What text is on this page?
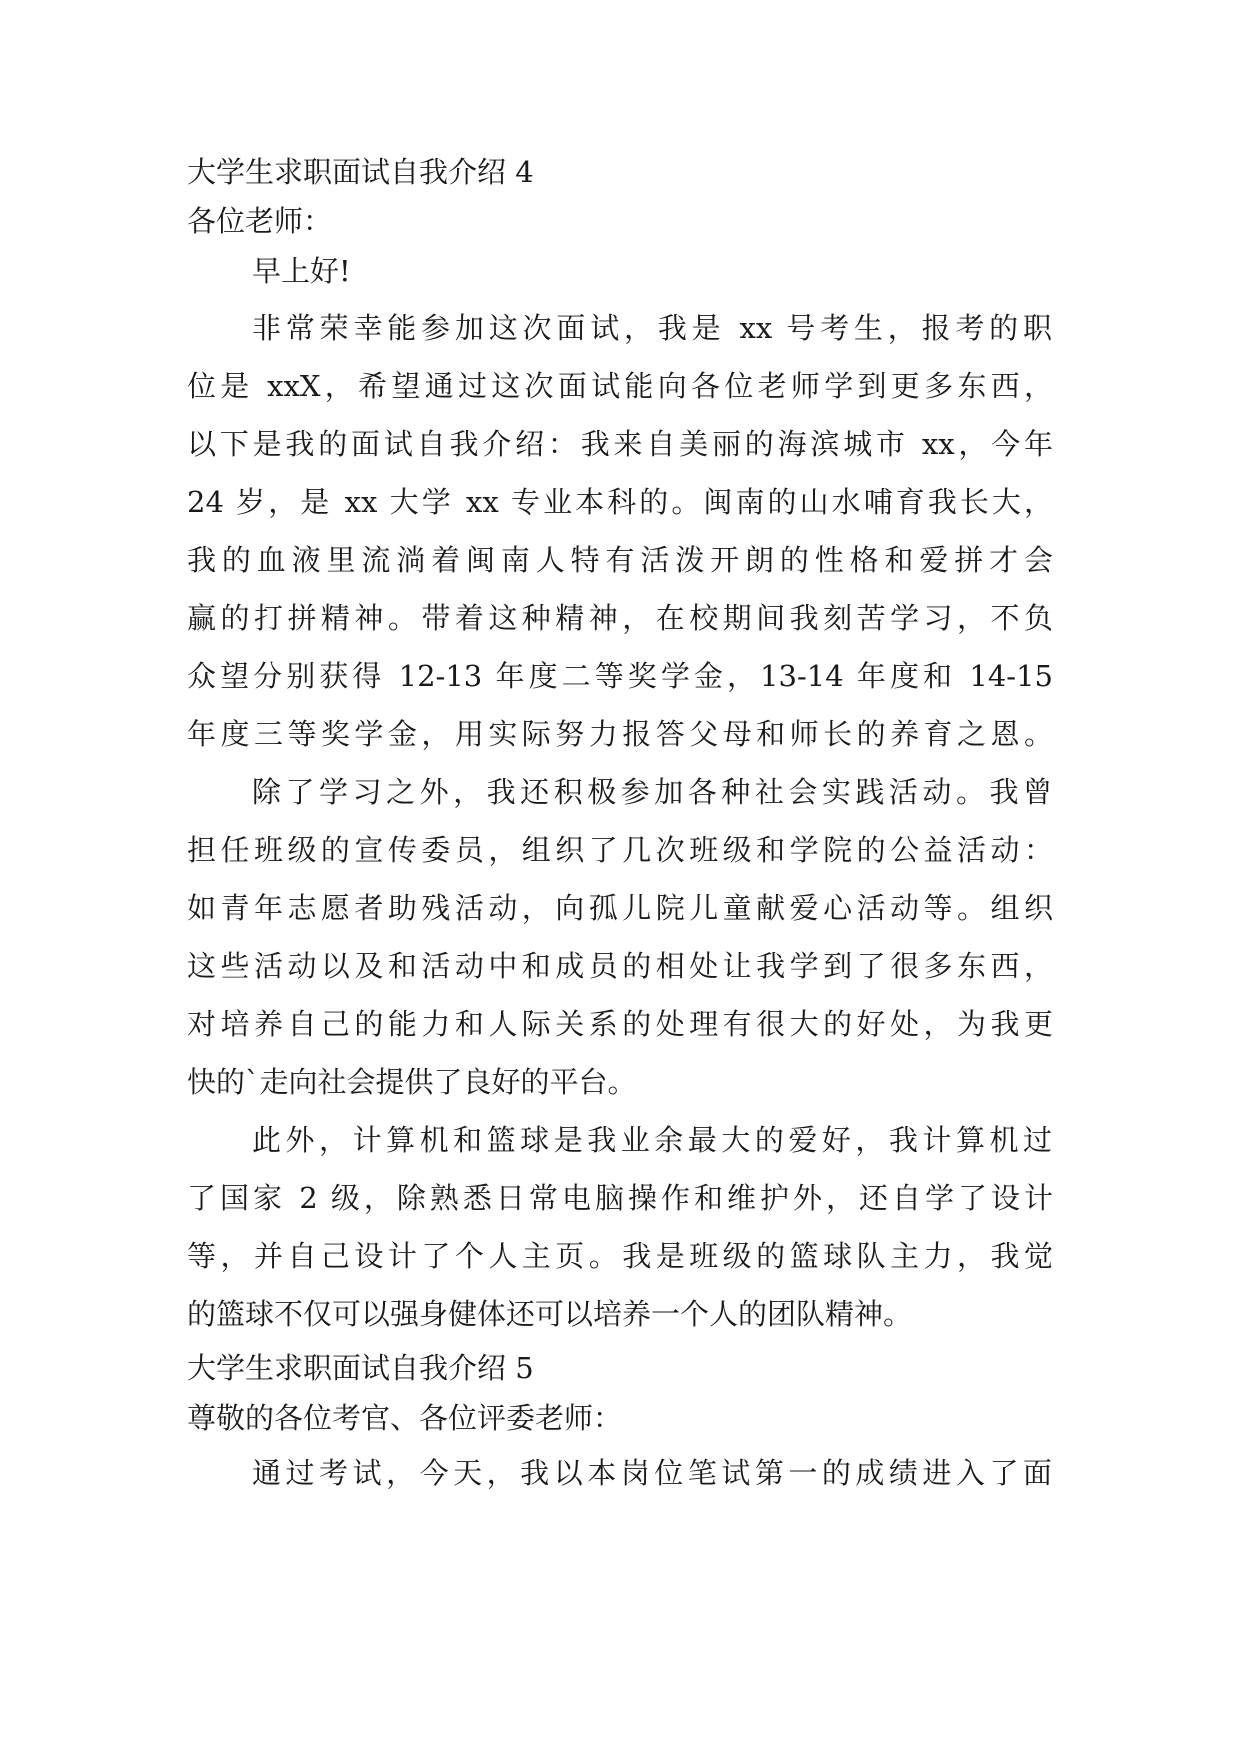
大学生求职面试自我介绍 4
各位老师：
早上好!
非常荣幸能参加这次面试，我是 xx 号考生，报考的职
位是 xxX，希望通过这次面试能向各位老师学到更多东西，
以下是我的面试自我介绍：我来自美丽的海滨城市 xx，今年
24 岁，是 xx 大学 xx 专业本科的。闽南的山水哺育我长大，
我的血液里流淌着闽南人特有活泼开朗的性格和爱拼才会
赢的打拼精神。带着这种精神，在校期间我刻苦学习，不负
众望分别获得 12-13 年度二等奖学金，13-14 年度和 14-15
年度三等奖学金，用实际努力报答父母和师长的养育之恩。
除了学习之外，我还积极参加各种社会实践活动。我曾
担任班级的宣传委员，组织了几次班级和学院的公益活动：
如青年志愿者助残活动，向孤儿院儿童献爱心活动等。组织
这些活动以及和活动中和成员的相处让我学到了很多东西，
对培养自己的能力和人际关系的处理有很大的好处，为我更
快的`走向社会提供了良好的平台。
此外，计算机和篮球是我业余最大的爱好，我计算机过
了国家 2 级，除熟悉日常电脑操作和维护外，还自学了设计
等，并自己设计了个人主页。我是班级的篮球队主力，我觉
的篮球不仅可以强身健体还可以培养一个人的团队精神。
大学生求职面试自我介绍 5
尊敬的各位考官、各位评委老师：
通过考试，今天，我以本岗位笔试第一的成绩进入了面
